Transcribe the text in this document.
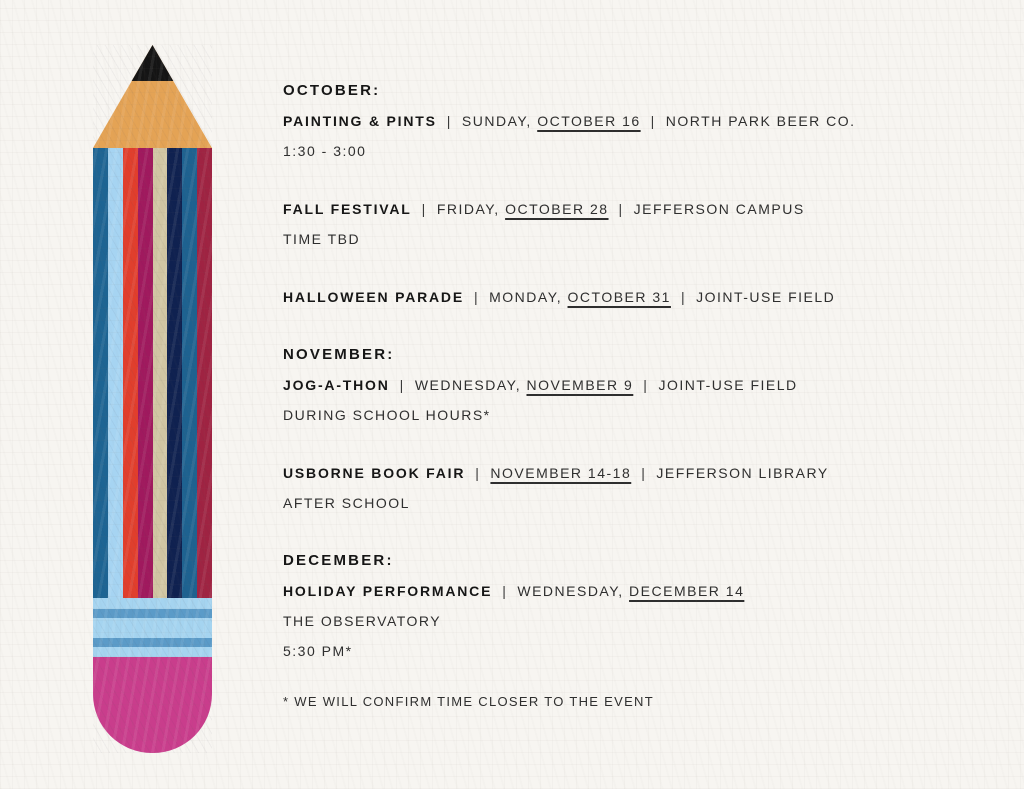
OCTOBER:
PAINTING & PINTS | SUNDAY, OCTOBER 16 | NORTH PARK BEER CO.
1:30 - 3:00
FALL FESTIVAL | FRIDAY, OCTOBER 28 | JEFFERSON CAMPUS
TIME TBD
HALLOWEEN PARADE | MONDAY, OCTOBER 31 | JOINT-USE FIELD
NOVEMBER:
JOG-A-THON | WEDNESDAY, NOVEMBER 9 | JOINT-USE FIELD
DURING SCHOOL HOURS*
USBORNE BOOK FAIR | NOVEMBER 14-18 | JEFFERSON LIBRARY
AFTER SCHOOL
DECEMBER:
HOLIDAY PERFORMANCE | WEDNESDAY, DECEMBER 14
THE OBSERVATORY
5:30 PM*
* WE WILL CONFIRM TIME CLOSER TO THE EVENT
